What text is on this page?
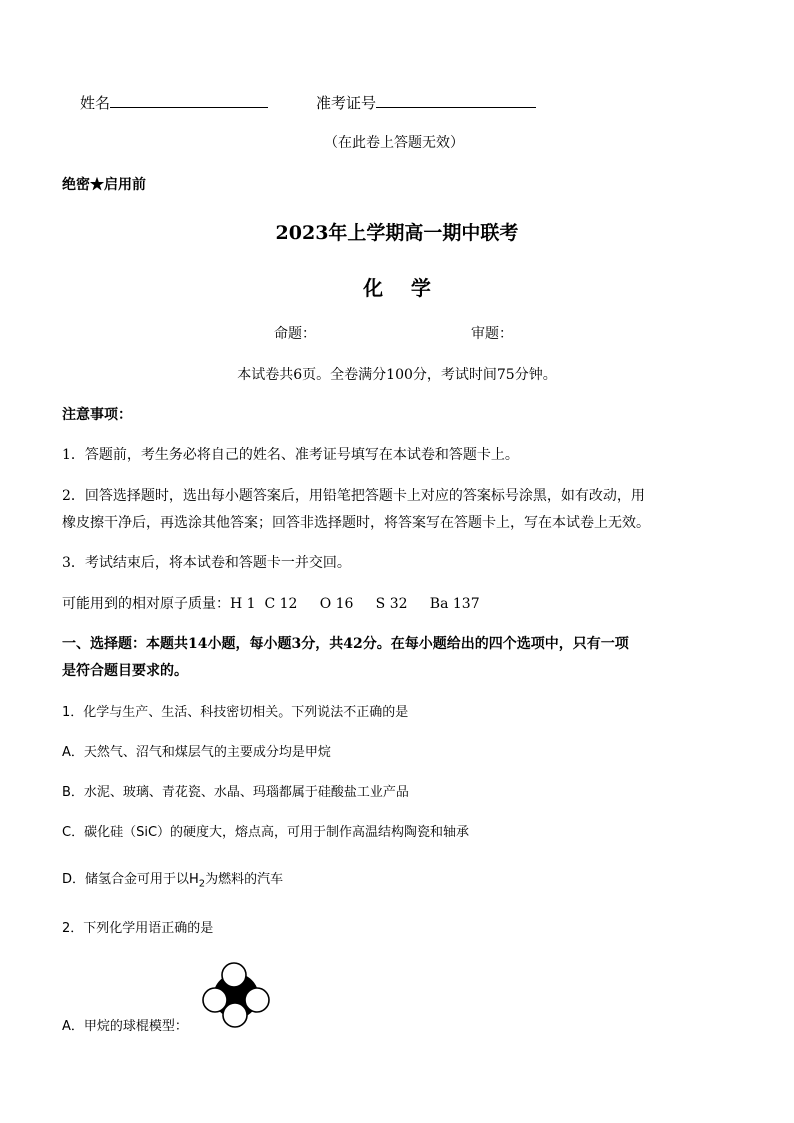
姓名	准考证号
（在此卷上答题无效）
绝密★启用前
2023年上学期高一期中联考
化    学
命题：	审题：
本试卷共6页。全卷满分100分，考试时间75分钟。
注意事项：
1．答题前，考生务必将自己的姓名、准考证号填写在本试卷和答题卡上。
2．回答选择题时，选出每小题答案后，用铅笔把答题卡上对应的答案标号涂黑，如有改动，用
橡皮擦干净后，再选涂其他答案；回答非选择题时，将答案写在答题卡上，写在本试卷上无效。
3．考试结束后，将本试卷和答题卡一并交回。
可能用到的相对原子质量：H 1  C 12     O 16     S 32     Ba 137
一、选择题：本题共14小题，每小题3分，共42分。在每小题给出的四个选项中，只有一项
是符合题目要求的。
1．化学与生产、生活、科技密切相关。下列说法不正确的是
A．天然气、沼气和煤层气的主要成分均是甲烷
B．水泥、玻璃、青花瓷、水晶、玛瑙都属于硅酸盐工业产品
C．碳化硅（SiC）的硬度大，熔点高，可用于制作高温结构陶瓷和轴承
D．储氢合金可用于以$H_2$为燃料的汽车
2．下列化学用语正确的是
A．甲烷的球棍模型：
